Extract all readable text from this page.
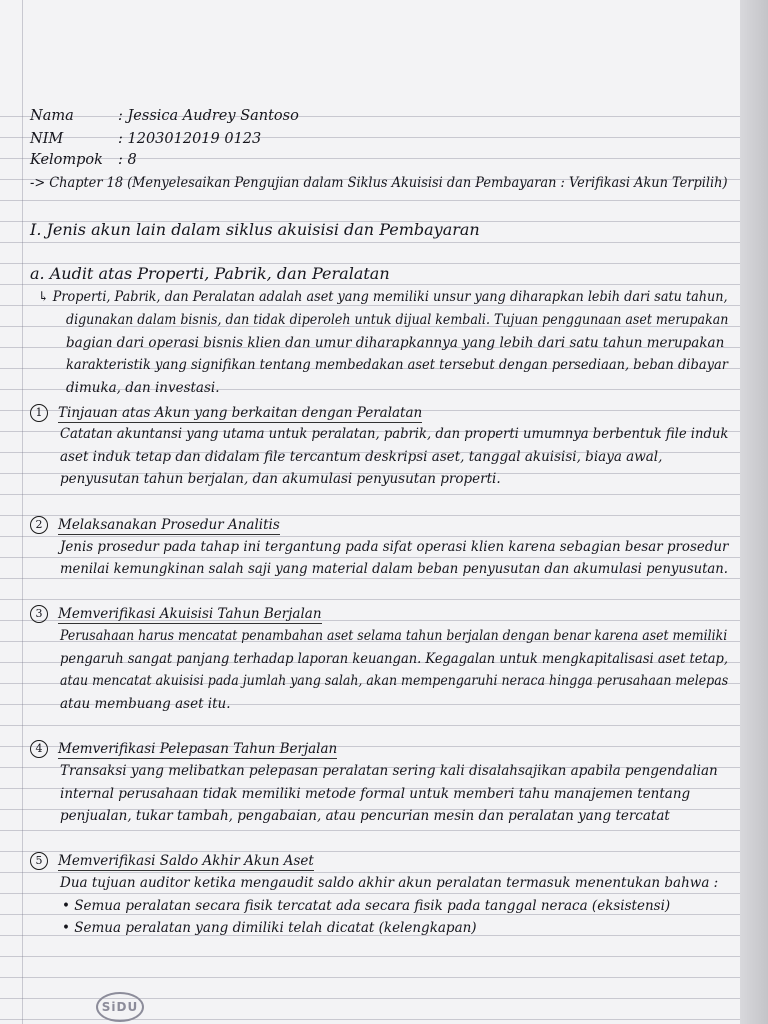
Nama	: Jessica Audrey Santoso
NIM	: 1203012019 0123
Kelompok : 8
-> Chapter 18 (Menyelesaikan Pengujian dalam Siklus Akuisisi dan Pembayaran : Verifikasi Akun Terpilih)
I. Jenis akun lain dalam siklus akuisisi dan Pembayaran
a. Audit atas Properti, Pabrik, dan Peralatan
↳ Properti, Pabrik, dan Peralatan adalah aset yang memiliki unsur yang diharapkan lebih dari satu tahun,
digunakan dalam bisnis, dan tidak diperoleh untuk dijual kembali. Tujuan penggunaan aset merupakan
bagian dari operasi bisnis klien dan umur diharapkannya yang lebih dari satu tahun merupakan
karakteristik yang signifikan tentang membedakan aset tersebut dengan persediaan, beban dibayar
dimuka, dan investasi.
1 Tinjauan atas Akun yang berkaitan dengan Peralatan
Catatan akuntansi yang utama untuk peralatan, pabrik, dan properti umumnya berbentuk file induk
aset induk tetap dan didalam file tercantum deskripsi aset, tanggal akuisisi, biaya awal,
penyusutan tahun berjalan, dan akumulasi penyusutan properti.
2 Melaksanakan Prosedur Analitis
Jenis prosedur pada tahap ini tergantung pada sifat operasi klien karena sebagian besar prosedur
menilai kemungkinan salah saji yang material dalam beban penyusutan dan akumulasi penyusutan.
3 Memverifikasi Akuisisi Tahun Berjalan
Perusahaan harus mencatat penambahan aset selama tahun berjalan dengan benar karena aset memiliki
pengaruh sangat panjang terhadap laporan keuangan. Kegagalan untuk mengkapitalisasi aset tetap,
atau mencatat akuisisi pada jumlah yang salah, akan mempengaruhi neraca hingga perusahaan melepas
atau membuang aset itu.
4 Memverifikasi Pelepasan Tahun Berjalan
Transaksi yang melibatkan pelepasan peralatan sering kali disalahsajikan apabila pengendalian
internal perusahaan tidak memiliki metode formal untuk memberi tahu manajemen tentang
penjualan, tukar tambah, pengabaian, atau pencurian mesin dan peralatan yang tercatat
5 Memverifikasi Saldo Akhir Akun Aset
Dua tujuan auditor ketika mengaudit saldo akhir akun peralatan termasuk menentukan bahwa :
• Semua peralatan secara fisik tercatat ada secara fisik pada tanggal neraca (eksistensi)
• Semua peralatan yang dimiliki telah dicatat (kelengkapan)
SiDU
